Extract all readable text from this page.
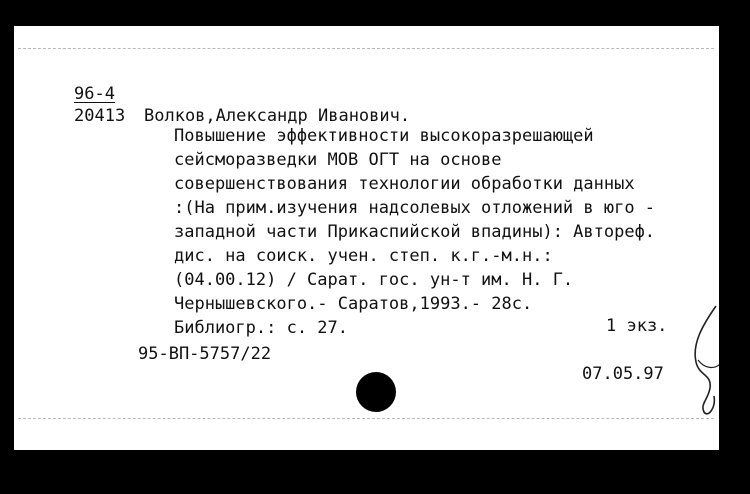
96-4
20413 Волков,Александр Иванович.
Повышение эффективности высокоразрешающей
сейсморазведки МОВ ОГТ на основе
совершенствования технологии обработки данных
:(На прим.изучения надсолевых отложений в юго -
западной части Прикаспийской впадины): Автореф.
дис. на соиск. учен. степ. к.г.-м.н.:
(04.00.12) / Сарат. гос. ун-т им. Н. Г.
Чернышевского.- Саратов,1993.- 28с.
Библиогр.: с. 27.	1 экз.
95-ВП-5757/22
07.05.97
